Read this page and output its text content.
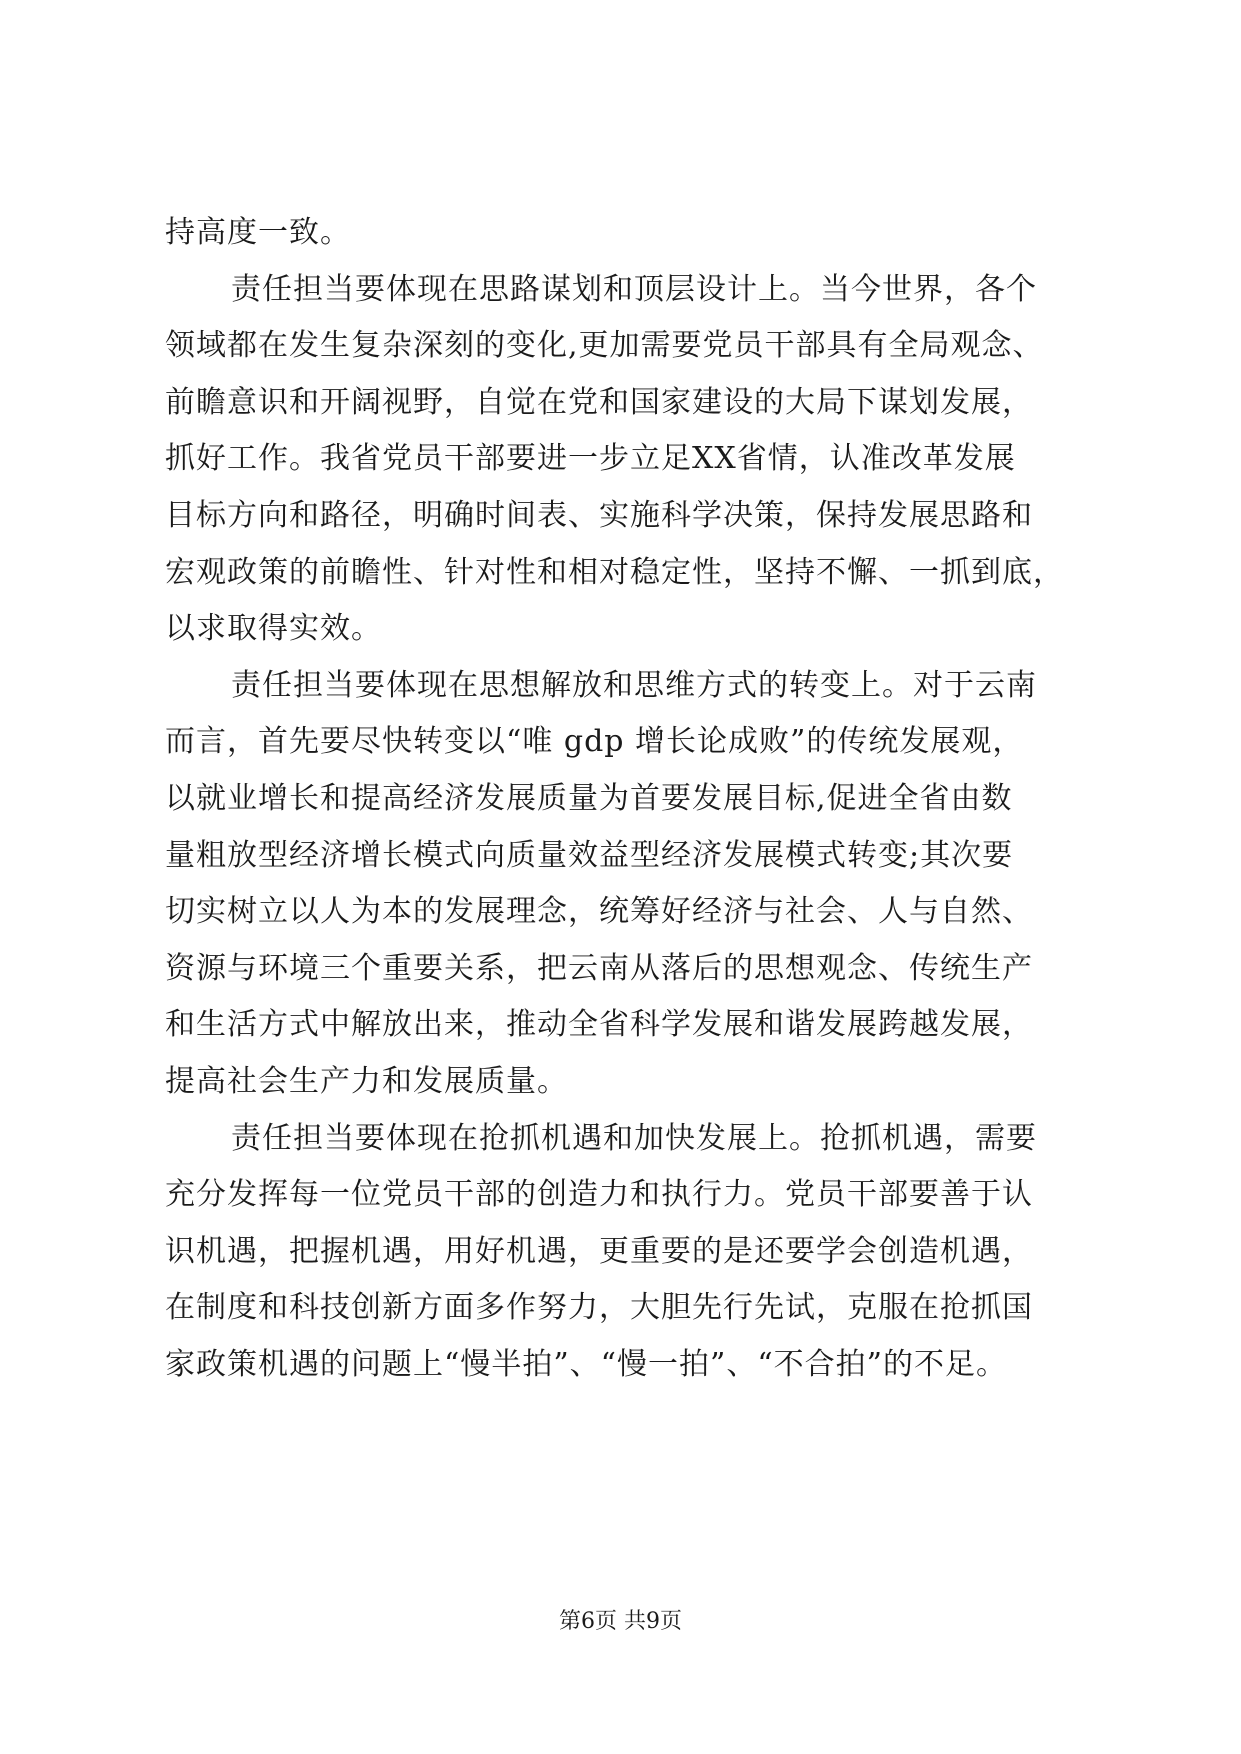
持高度一致。
责任担当要体现在思路谋划和顶层设计上。当今世界，各个
领域都在发生复杂深刻的变化,更加需要党员干部具有全局观念、
前瞻意识和开阔视野，自觉在党和国家建设的大局下谋划发展，
抓好工作。我省党员干部要进一步立足XX省情，认准改革发展
目标方向和路径，明确时间表、实施科学决策，保持发展思路和
宏观政策的前瞻性、针对性和相对稳定性，坚持不懈、一抓到底，
以求取得实效。
责任担当要体现在思想解放和思维方式的转变上。对于云南
而言，首先要尽快转变以“唯 gdp 增长论成败”的传统发展观，
以就业增长和提高经济发展质量为首要发展目标,促进全省由数
量粗放型经济增长模式向质量效益型经济发展模式转变;其次要
切实树立以人为本的发展理念，统筹好经济与社会、人与自然、
资源与环境三个重要关系，把云南从落后的思想观念、传统生产
和生活方式中解放出来，推动全省科学发展和谐发展跨越发展，
提高社会生产力和发展质量。
责任担当要体现在抢抓机遇和加快发展上。抢抓机遇，需要
充分发挥每一位党员干部的创造力和执行力。党员干部要善于认
识机遇，把握机遇，用好机遇，更重要的是还要学会创造机遇，
在制度和科技创新方面多作努力，大胆先行先试，克服在抢抓国
家政策机遇的问题上“慢半拍”、“慢一拍”、“不合拍”的不足。
第6页 共9页
